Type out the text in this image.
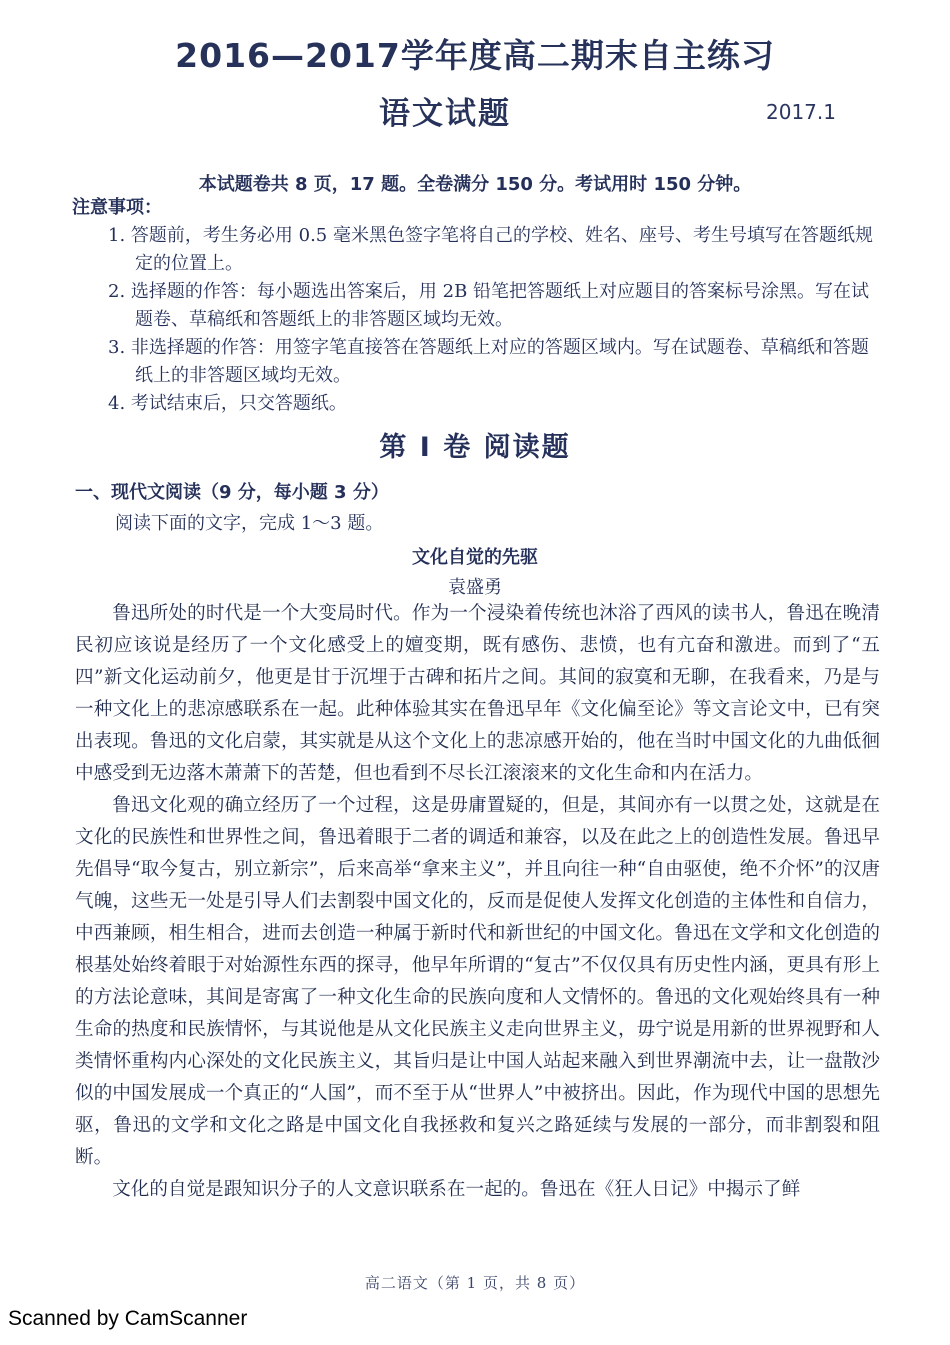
2016—2017学年度高二期末自主练习
语文试题	2017.1
本试题卷共 8 页，17 题。全卷满分 150 分。考试用时 150 分钟。
注意事项：
1. 答题前，考生务必用 0.5 毫米黑色签字笔将自己的学校、姓名、座号、考生号填写在答题纸规定的位置上。
2. 选择题的作答：每小题选出答案后，用 2B 铅笔把答题纸上对应题目的答案标号涂黑。写在试题卷、草稿纸和答题纸上的非答题区域均无效。
3. 非选择题的作答：用签字笔直接答在答题纸上对应的答题区域内。写在试题卷、草稿纸和答题纸上的非答题区域均无效。
4. 考试结束后，只交答题纸。
第 I 卷 阅读题
一、现代文阅读（9 分，每小题 3 分）
阅读下面的文字，完成 1～3 题。
文化自觉的先驱
袁盛勇

鲁迅所处的时代是一个大变局时代。作为一个浸染着传统也沐浴了西风的读书人，鲁迅在晚清民初应该说是经历了一个文化感受上的嬗变期，既有感伤、悲愤，也有亢奋和激进。而到了“五四”新文化运动前夕，他更是甘于沉埋于古碑和拓片之间。其间的寂寞和无聊，在我看来，乃是与一种文化上的悲凉感联系在一起。此种体验其实在鲁迅早年《文化偏至论》等文言论文中，已有突出表现。鲁迅的文化启蒙，其实就是从这个文化上的悲凉感开始的，他在当时中国文化的九曲低徊中感受到无边落木萧萧下的苦楚，但也看到不尽长江滚滚来的文化生命和内在活力。

鲁迅文化观的确立经历了一个过程，这是毋庸置疑的，但是，其间亦有一以贯之处，这就是在文化的民族性和世界性之间，鲁迅着眼于二者的调适和兼容，以及在此之上的创造性发展。鲁迅早先倡导“取今复古，别立新宗”，后来高举“拿来主义”，并且向往一种“自由驱使，绝不介怀”的汉唐气魄，这些无一处是引导人们去割裂中国文化的，反而是促使人发挥文化创造的主体性和自信力，中西兼顾，相生相合，进而去创造一种属于新时代和新世纪的中国文化。鲁迅在文学和文化创造的根基处始终着眼于对始源性东西的探寻，他早年所谓的“复古”不仅仅具有历史性内涵，更具有形上的方法论意味，其间是寄寓了一种文化生命的民族向度和人文情怀的。鲁迅的文化观始终具有一种生命的热度和民族情怀，与其说他是从文化民族主义走向世界主义，毋宁说是用新的世界视野和人类情怀重构内心深处的文化民族主义，其旨归是让中国人站起来融入到世界潮流中去，让一盘散沙似的中国发展成一个真正的“人国”，而不至于从“世界人”中被挤出。因此，作为现代中国的思想先驱，鲁迅的文学和文化之路是中国文化自我拯救和复兴之路延续与发展的一部分，而非割裂和阻断。

文化的自觉是跟知识分子的人文意识联系在一起的。鲁迅在《狂人日记》中揭示了鲜

高二语文（第 1 页，共 8 页）
Scanned by CamScanner
